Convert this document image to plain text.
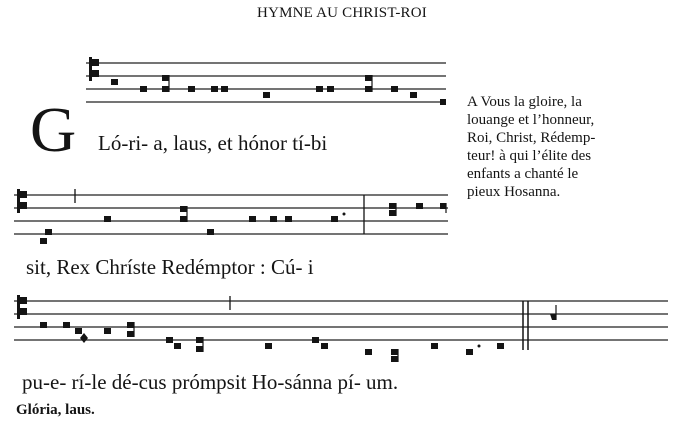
HYMNE AU CHRIST-ROI
G Ló-ri- a, laus, et hónor tí-bi
sit, Rex Chríste Redémptor : Cú- i
pu-e- rí-le dé-cus prómpsit Ho-sánna pí- um.
A Vous la gloire, la
louange et l’honneur,
Roi, Christ, Rédemp-
teur! à qui l’élite des
enfants a chanté le
pieux Hosanna.
Glória, laus.
